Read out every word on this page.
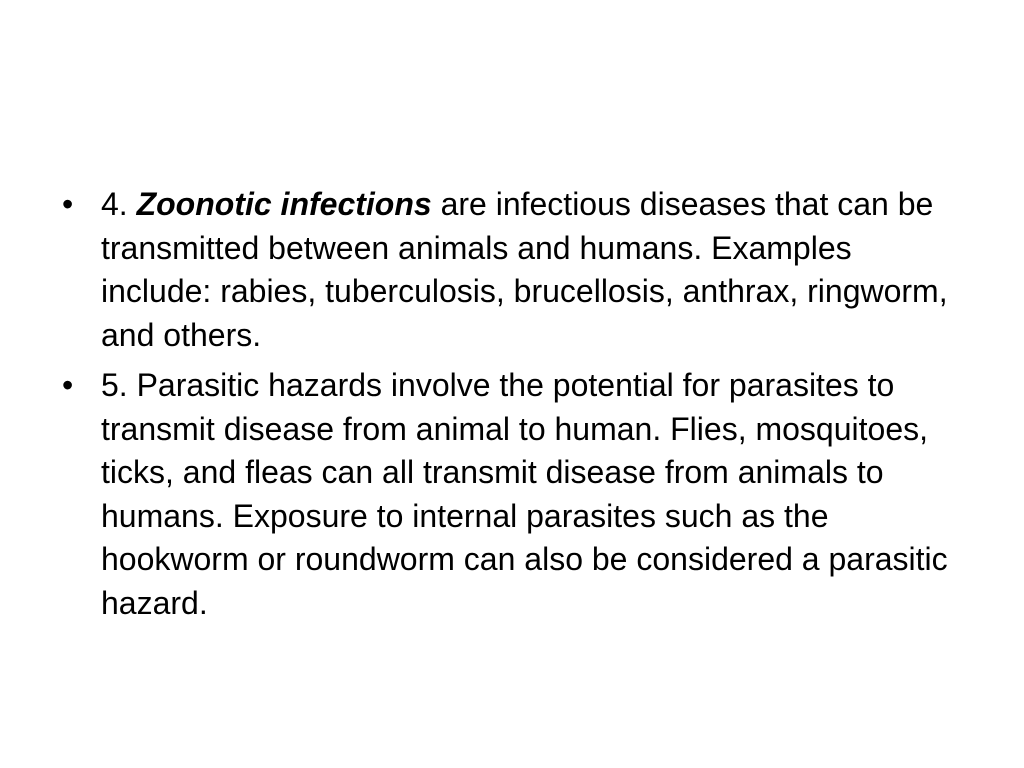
• 4. Zoonotic infections are infectious diseases that can be transmitted between animals and humans. Examples include: rabies, tuberculosis, brucellosis, anthrax, ringworm, and others.
• 5. Parasitic hazards involve the potential for parasites to transmit disease from animal to human. Flies, mosquitoes, ticks, and fleas can all transmit disease from animals to humans. Exposure to internal parasites such as the hookworm or roundworm can also be considered a parasitic hazard.
